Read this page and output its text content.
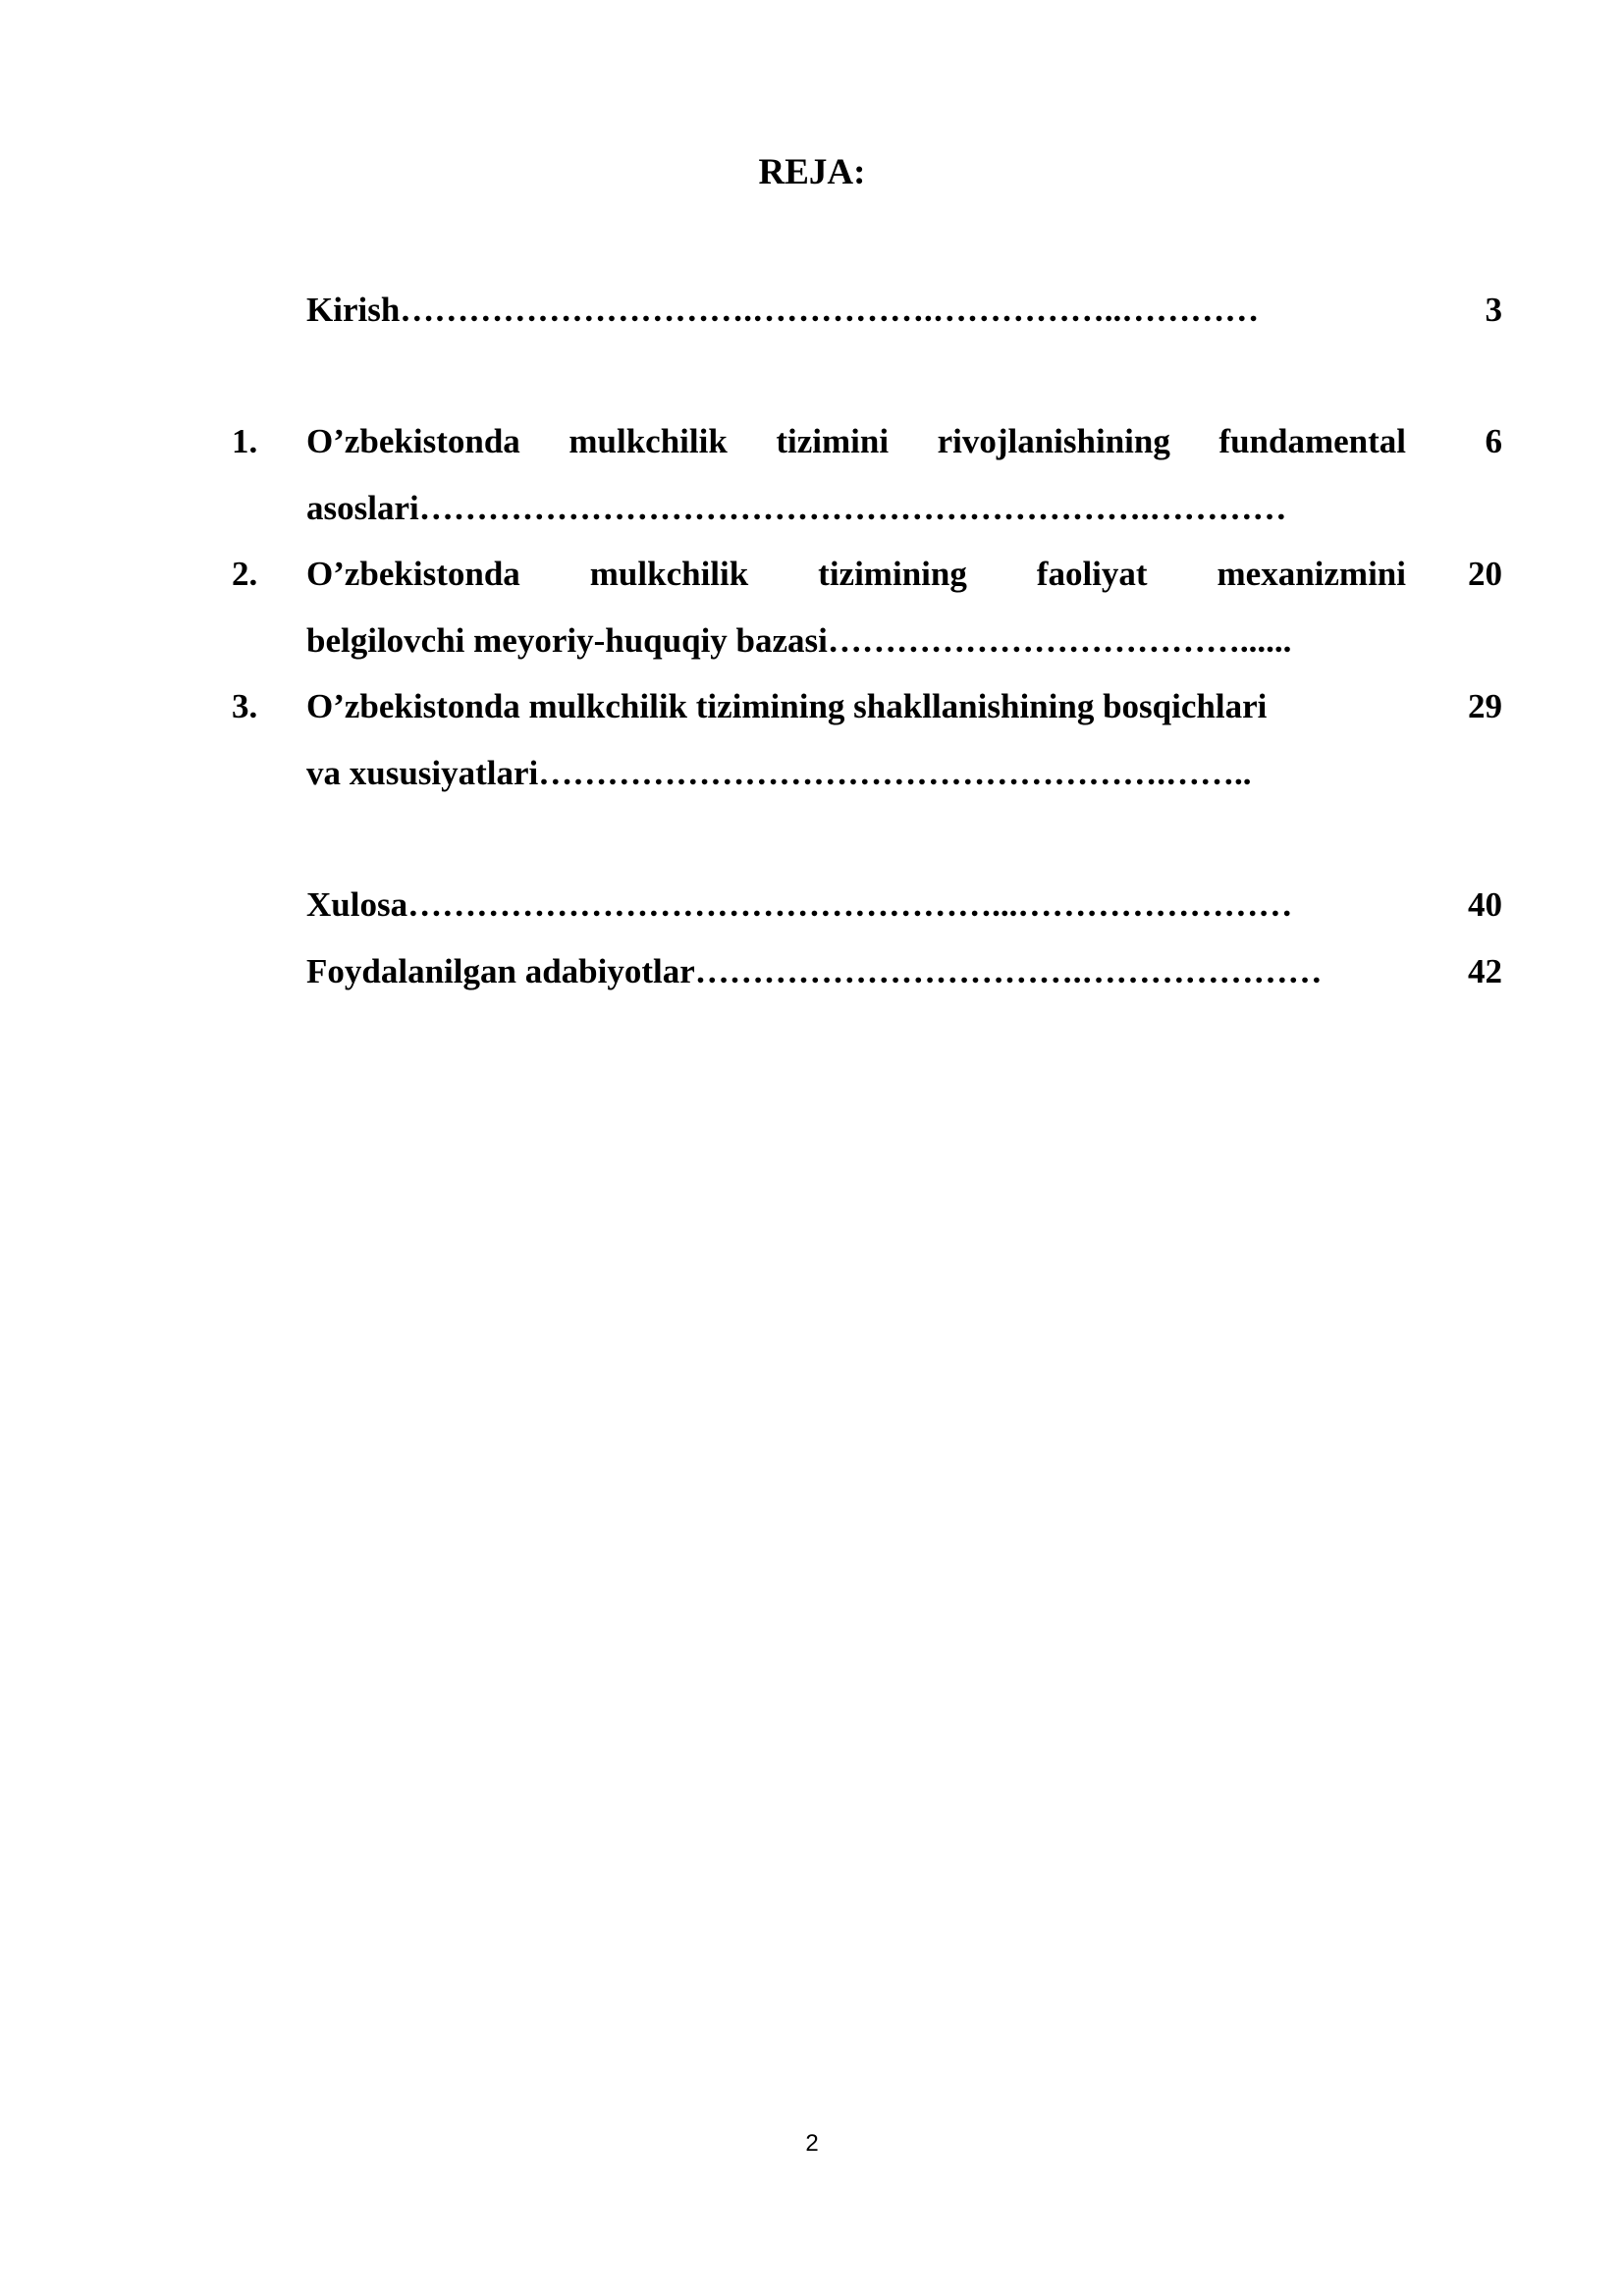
REJA:
Kirish………………………….…………….……………..…………	3
1. O’zbekistonda mulkchilik tizimini rivojlanishining fundamental	6
asoslari……………………………………………………….…………
2. O’zbekistonda mulkchilik tizimining faoliyat mexanizmini	20
belgilovchi meyoriy-huquqiy bazasi………………………………......
3. O’zbekistonda mulkchilik tizimining shakllanishining bosqichlari	29
va xususiyatlari……………………………………………….……..
Xulosa……………………………………………...……………………	40
Foydalanilgan adabiyotlar…………………………….…………………	42
2
